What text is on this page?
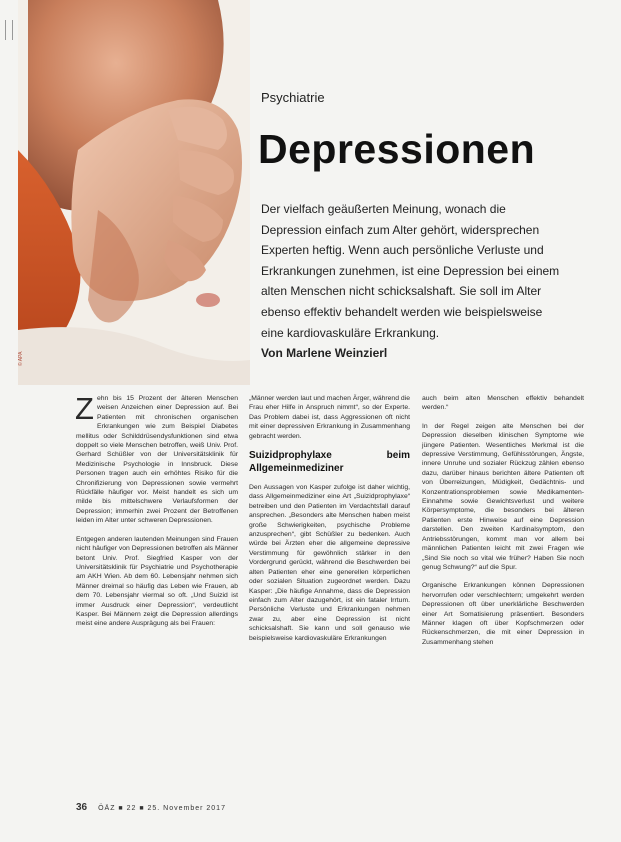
© APA
Psychiatrie
Depressionen

Der vielfach geäußerten Meinung, wonach die Depression einfach zum Alter gehört, widersprechen Experten heftig. Wenn auch persönliche Verluste und Erkrankungen zunehmen, ist eine Depression bei einem alten Menschen nicht schicksalshaft. Sie soll im Alter ebenso effektiv behandelt werden wie beispielsweise eine kardiovaskuläre Erkrankung.
Von Marlene Weinzierl

Zehn bis 15 Prozent der älteren Menschen weisen Anzeichen einer Depression auf. Bei Patienten mit chronischen organischen Erkrankungen wie zum Beispiel Diabetes mellitus oder Schilddrüsendysfunktionen sind etwa doppelt so viele Menschen betroffen, weiß Univ. Prof. Gerhard Schüßler von der Universitätsklinik für Medizinische Psychologie in Innsbruck. Diese Personen tragen auch ein erhöhtes Risiko für die Chronifizierung von Depressionen sowie vermehrt Rückfälle häufiger vor. Meist handelt es sich um milde bis mittelschwere Verlaufsformen der Depression; immerhin zwei Prozent der Betroffenen leiden im Alter unter schweren Depressionen.

Entgegen anderen lautenden Meinungen sind Frauen nicht häufiger von Depressionen betroffen als Männer betont Univ. Prof. Siegfried Kasper von der Universitätsklinik für Psychiatrie und Psychotherapie am AKH Wien. Ab dem 60. Lebensjahr nehmen sich Männer dreimal so häufig das Leben wie Frauen, ab dem 70. Lebensjahr viermal so oft. „Und Suizid ist immer Ausdruck einer Depression“, verdeutlicht Kasper. Bei Männern zeigt die Depression allerdings meist eine andere Ausprägung als bei Frauen:

„Männer werden laut und machen Ärger, während die Frau eher Hilfe in Anspruch nimmt“, so der Experte. Das Problem dabei ist, dass Aggressionen oft nicht mit einer depressiven Erkrankung in Zusammenhang gebracht werden.

Suizidprophylaxe beim Allgemeinmediziner

Den Aussagen von Kasper zufolge ist daher wichtig, dass Allgemeinmediziner eine Art „Suizidprophylaxe“ betreiben und den Patienten im Verdachtsfall darauf ansprechen. „Besonders alte Menschen haben meist große Schwierigkeiten, psychische Probleme anzusprechen“, gibt Schüßler zu bedenken. Auch würde bei Ärzten eher die allgemeine depressive Verstimmung für gewöhnlich stärker in den Vordergrund gerückt, während die Beschwerden bei alten Patienten eher eine generellen körperlichen oder sozialen Situation zugeordnet werden. Dazu Kasper: „Die häufige Annahme, dass die Depression einfach zum Alter dazugehört, ist ein fataler Irrtum. Persönliche Verluste und Erkrankungen nehmen zwar zu, aber eine Depression ist nicht schicksalshaft. Sie kann und soll genauso wie beispielsweise kardiovaskuläre Erkrankungen

auch beim alten Menschen effektiv behandelt werden.“

In der Regel zeigen alte Menschen bei der Depression dieselben klinischen Symptome wie jüngere Patienten. Wesentliches Merkmal ist die depressive Verstimmung, Gefühlsstörungen, Ängste, innere Unruhe und sozialer Rückzug zählen ebenso dazu, darüber hinaus berichten ältere Patienten oft von Überreizungen, Müdigkeit, Gedächtnis- und Konzentrationsproblemen sowie Medikamenten-Einnahme sowie Gewichtsverlust und weitere Körpersymptome, die besonders bei älteren Patienten erste Hinweise auf eine Depression darstellen. Den zweiten Kardinalsymptom, den Antriebsstörungen, kommt man vor allem bei männlichen Patienten leicht mit zwei Fragen wie „Sind Sie noch so vital wie früher? Haben Sie noch genug Schwung?“ auf die Spur.

Organische Erkrankungen können Depressionen hervorrufen oder verschlechtern; umgekehrt werden Depressionen oft über unerklärliche Beschwerden einer Art Somatisierung präsentiert. Besonders Männer klagen oft über Kopfschmerzen oder Rückenschmerzen, die mit einer Depression in Zusammenhang stehen

36 ÖÄZ ■ 22 ■ 25. November 2017
